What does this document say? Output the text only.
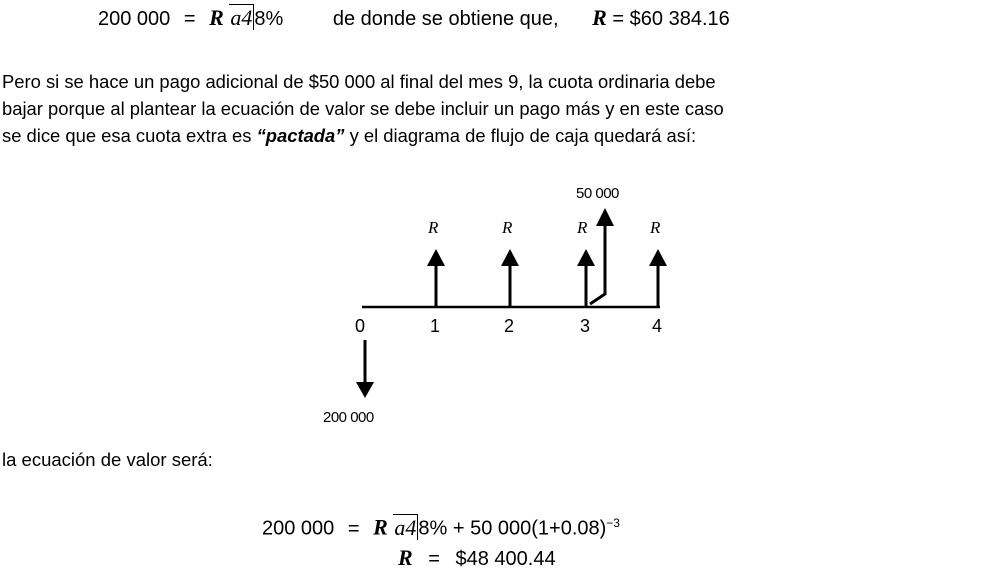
200 000 = R a4 8% de donde se obtiene que, R = $60 384.16

Pero si se hace un pago adicional de $50 000 al final del mes 9, la cuota ordinaria debe

bajar porque al plantear la ecuación de valor se debe incluir un pago más y en este caso

se dice que esa cuota extra es “pactada” y el diagrama de flujo de caja quedará así:

0	1	2	3	4
R	R	R	R
50 000
200 000
la ecuación de valor será:
200 000 = R a4 8% + 50 $000(1+0.08)^{-3}$
R = $48 400.44
